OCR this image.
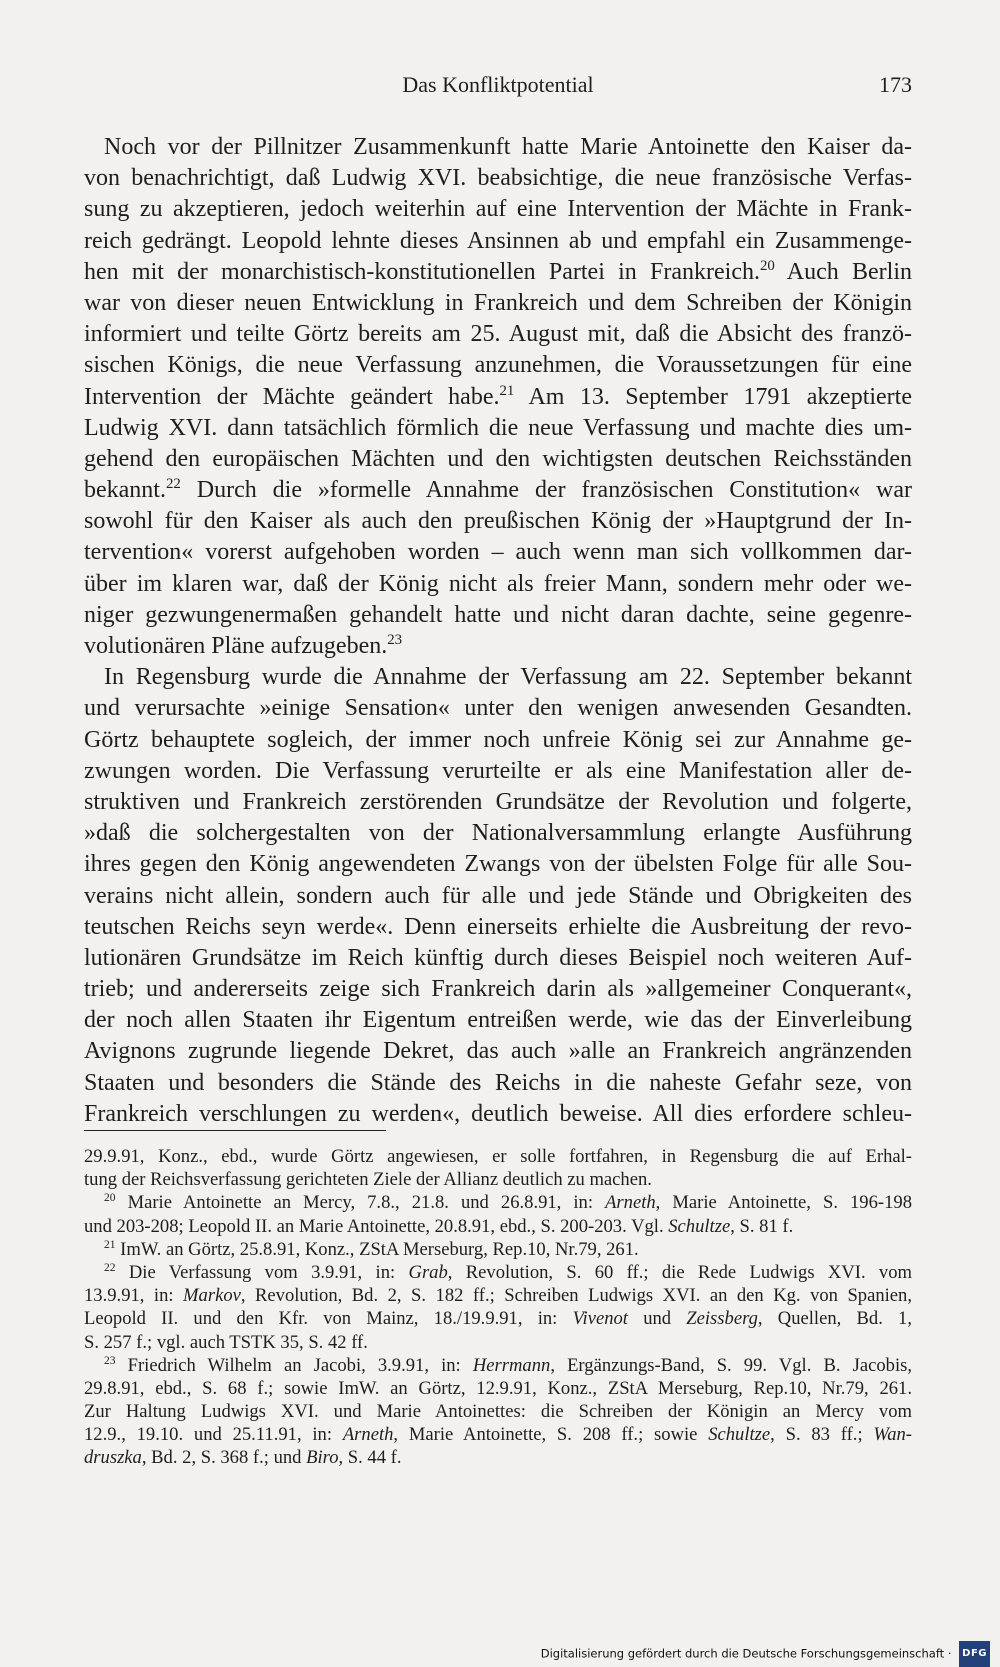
Das Konfliktpotential	173
Noch vor der Pillnitzer Zusammenkunft hatte Marie Antoinette den Kaiser da-
von benachrichtigt, daß Ludwig XVI. beabsichtige, die neue französische Verfas-
sung zu akzeptieren, jedoch weiterhin auf eine Intervention der Mächte in Frank-
reich gedrängt. Leopold lehnte dieses Ansinnen ab und empfahl ein Zusammenge-
hen mit der monarchistisch-konstitutionellen Partei in Frankreich.$^{20}$ Auch Berlin
war von dieser neuen Entwicklung in Frankreich und dem Schreiben der Königin
informiert und teilte Görtz bereits am 25. August mit, daß die Absicht des franzö-
sischen Königs, die neue Verfassung anzunehmen, die Voraussetzungen für eine
Intervention der Mächte geändert habe.$^{21}$ Am 13. September 1791 akzeptierte
Ludwig XVI. dann tatsächlich förmlich die neue Verfassung und machte dies um-
gehend den europäischen Mächten und den wichtigsten deutschen Reichsständen
bekannt.$^{22}$ Durch die »formelle Annahme der französischen Constitution« war
sowohl für den Kaiser als auch den preußischen König der »Hauptgrund der In-
tervention« vorerst aufgehoben worden – auch wenn man sich vollkommen dar-
über im klaren war, daß der König nicht als freier Mann, sondern mehr oder we-
niger gezwungenermaßen gehandelt hatte und nicht daran dachte, seine gegenre-
volutionären Pläne aufzugeben.$^{23}$
In Regensburg wurde die Annahme der Verfassung am 22. September bekannt
und verursachte »einige Sensation« unter den wenigen anwesenden Gesandten.
Görtz behauptete sogleich, der immer noch unfreie König sei zur Annahme ge-
zwungen worden. Die Verfassung verurteilte er als eine Manifestation aller de-
struktiven und Frankreich zerstörenden Grundsätze der Revolution und folgerte,
»daß die solchergestalten von der Nationalversammlung erlangte Ausführung
ihres gegen den König angewendeten Zwangs von der übelsten Folge für alle Sou-
verains nicht allein, sondern auch für alle und jede Stände und Obrigkeiten des
teutschen Reichs seyn werde«. Denn einerseits erhielte die Ausbreitung der revo-
lutionären Grundsätze im Reich künftig durch dieses Beispiel noch weiteren Auf-
trieb; und andererseits zeige sich Frankreich darin als »allgemeiner Conquerant«,
der noch allen Staaten ihr Eigentum entreißen werde, wie das der Einverleibung
Avignons zugrunde liegende Dekret, das auch »alle an Frankreich angränzenden
Staaten und besonders die Stände des Reichs in die naheste Gefahr seze, von
Frankreich verschlungen zu werden«, deutlich beweise. All dies erfordere schleu-
29.9.91, Konz., ebd., wurde Görtz angewiesen, er solle fortfahren, in Regensburg die auf Erhal-
tung der Reichsverfassung gerichteten Ziele der Allianz deutlich zu machen.
$^{20}$ Marie Antoinette an Mercy, 7.8., 21.8. und 26.8.91, in: Arneth, Marie Antoinette, S. 196-198
und 203-208; Leopold II. an Marie Antoinette, 20.8.91, ebd., S. 200-203. Vgl. Schultze, S. 81 f.
$^{21}$ ImW. an Görtz, 25.8.91, Konz., ZStA Merseburg, Rep.10, Nr.79, 261.
$^{22}$ Die Verfassung vom 3.9.91, in: Grab, Revolution, S. 60 ff.; die Rede Ludwigs XVI. vom
13.9.91, in: Markov, Revolution, Bd. 2, S. 182 ff.; Schreiben Ludwigs XVI. an den Kg. von Spanien,
Leopold II. und den Kfr. von Mainz, 18./19.9.91, in: Vivenot und Zeissberg, Quellen, Bd. 1,
S. 257 f.; vgl. auch TSTK 35, S. 42 ff.
$^{23}$ Friedrich Wilhelm an Jacobi, 3.9.91, in: Herrmann, Ergänzungs-Band, S. 99. Vgl. B. Jacobis,
29.8.91, ebd., S. 68 f.; sowie ImW. an Görtz, 12.9.91, Konz., ZStA Merseburg, Rep.10, Nr.79, 261.
Zur Haltung Ludwigs XVI. und Marie Antoinettes: die Schreiben der Königin an Mercy vom
12.9., 19.10. und 25.11.91, in: Arneth, Marie Antoinette, S. 208 ff.; sowie Schultze, S. 83 ff.; Wan-
druszka, Bd. 2, S. 368 f.; und Biro, S. 44 f.
Digitalisierung gefördert durch die Deutsche Forschungsgemeinschaft · DFG
